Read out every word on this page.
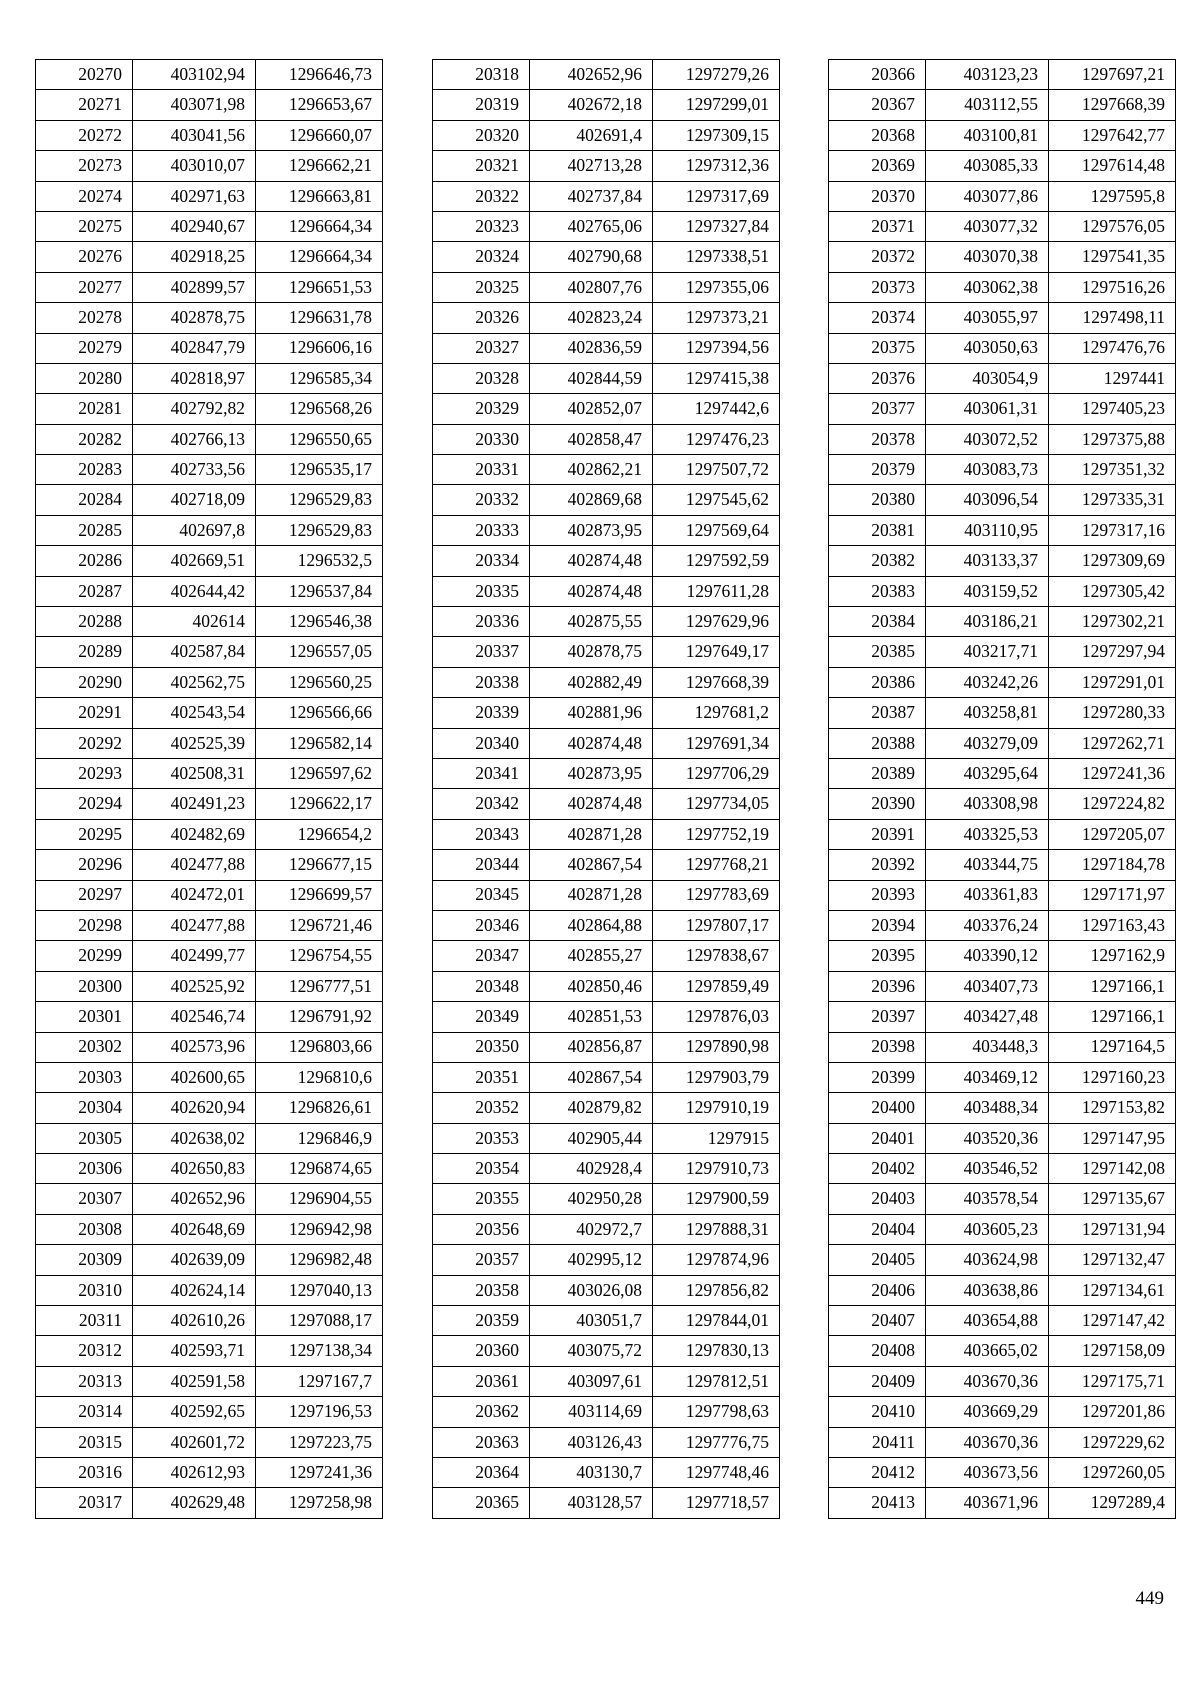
20270	403102,94	1296646,73
20271	403071,98	1296653,67
20272	403041,56	1296660,07
20273	403010,07	1296662,21
20274	402971,63	1296663,81
20275	402940,67	1296664,34
20276	402918,25	1296664,34
20277	402899,57	1296651,53
20278	402878,75	1296631,78
20279	402847,79	1296606,16
20280	402818,97	1296585,34
20281	402792,82	1296568,26
20282	402766,13	1296550,65
20283	402733,56	1296535,17
20284	402718,09	1296529,83
20285	402697,8	1296529,83
20286	402669,51	1296532,5
20287	402644,42	1296537,84
20288	402614	1296546,38
20289	402587,84	1296557,05
20290	402562,75	1296560,25
20291	402543,54	1296566,66
20292	402525,39	1296582,14
20293	402508,31	1296597,62
20294	402491,23	1296622,17
20295	402482,69	1296654,2
20296	402477,88	1296677,15
20297	402472,01	1296699,57
20298	402477,88	1296721,46
20299	402499,77	1296754,55
20300	402525,92	1296777,51
20301	402546,74	1296791,92
20302	402573,96	1296803,66
20303	402600,65	1296810,6
20304	402620,94	1296826,61
20305	402638,02	1296846,9
20306	402650,83	1296874,65
20307	402652,96	1296904,55
20308	402648,69	1296942,98
20309	402639,09	1296982,48
20310	402624,14	1297040,13
20311	402610,26	1297088,17
20312	402593,71	1297138,34
20313	402591,58	1297167,7
20314	402592,65	1297196,53
20315	402601,72	1297223,75
20316	402612,93	1297241,36
20317	402629,48	1297258,98
20318	402652,96	1297279,26
20319	402672,18	1297299,01
20320	402691,4	1297309,15
20321	402713,28	1297312,36
20322	402737,84	1297317,69
20323	402765,06	1297327,84
20324	402790,68	1297338,51
20325	402807,76	1297355,06
20326	402823,24	1297373,21
20327	402836,59	1297394,56
20328	402844,59	1297415,38
20329	402852,07	1297442,6
20330	402858,47	1297476,23
20331	402862,21	1297507,72
20332	402869,68	1297545,62
20333	402873,95	1297569,64
20334	402874,48	1297592,59
20335	402874,48	1297611,28
20336	402875,55	1297629,96
20337	402878,75	1297649,17
20338	402882,49	1297668,39
20339	402881,96	1297681,2
20340	402874,48	1297691,34
20341	402873,95	1297706,29
20342	402874,48	1297734,05
20343	402871,28	1297752,19
20344	402867,54	1297768,21
20345	402871,28	1297783,69
20346	402864,88	1297807,17
20347	402855,27	1297838,67
20348	402850,46	1297859,49
20349	402851,53	1297876,03
20350	402856,87	1297890,98
20351	402867,54	1297903,79
20352	402879,82	1297910,19
20353	402905,44	1297915
20354	402928,4	1297910,73
20355	402950,28	1297900,59
20356	402972,7	1297888,31
20357	402995,12	1297874,96
20358	403026,08	1297856,82
20359	403051,7	1297844,01
20360	403075,72	1297830,13
20361	403097,61	1297812,51
20362	403114,69	1297798,63
20363	403126,43	1297776,75
20364	403130,7	1297748,46
20365	403128,57	1297718,57
20366	403123,23	1297697,21
20367	403112,55	1297668,39
20368	403100,81	1297642,77
20369	403085,33	1297614,48
20370	403077,86	1297595,8
20371	403077,32	1297576,05
20372	403070,38	1297541,35
20373	403062,38	1297516,26
20374	403055,97	1297498,11
20375	403050,63	1297476,76
20376	403054,9	1297441
20377	403061,31	1297405,23
20378	403072,52	1297375,88
20379	403083,73	1297351,32
20380	403096,54	1297335,31
20381	403110,95	1297317,16
20382	403133,37	1297309,69
20383	403159,52	1297305,42
20384	403186,21	1297302,21
20385	403217,71	1297297,94
20386	403242,26	1297291,01
20387	403258,81	1297280,33
20388	403279,09	1297262,71
20389	403295,64	1297241,36
20390	403308,98	1297224,82
20391	403325,53	1297205,07
20392	403344,75	1297184,78
20393	403361,83	1297171,97
20394	403376,24	1297163,43
20395	403390,12	1297162,9
20396	403407,73	1297166,1
20397	403427,48	1297166,1
20398	403448,3	1297164,5
20399	403469,12	1297160,23
20400	403488,34	1297153,82
20401	403520,36	1297147,95
20402	403546,52	1297142,08
20403	403578,54	1297135,67
20404	403605,23	1297131,94
20405	403624,98	1297132,47
20406	403638,86	1297134,61
20407	403654,88	1297147,42
20408	403665,02	1297158,09
20409	403670,36	1297175,71
20410	403669,29	1297201,86
20411	403670,36	1297229,62
20412	403673,56	1297260,05
20413	403671,96	1297289,4
449
